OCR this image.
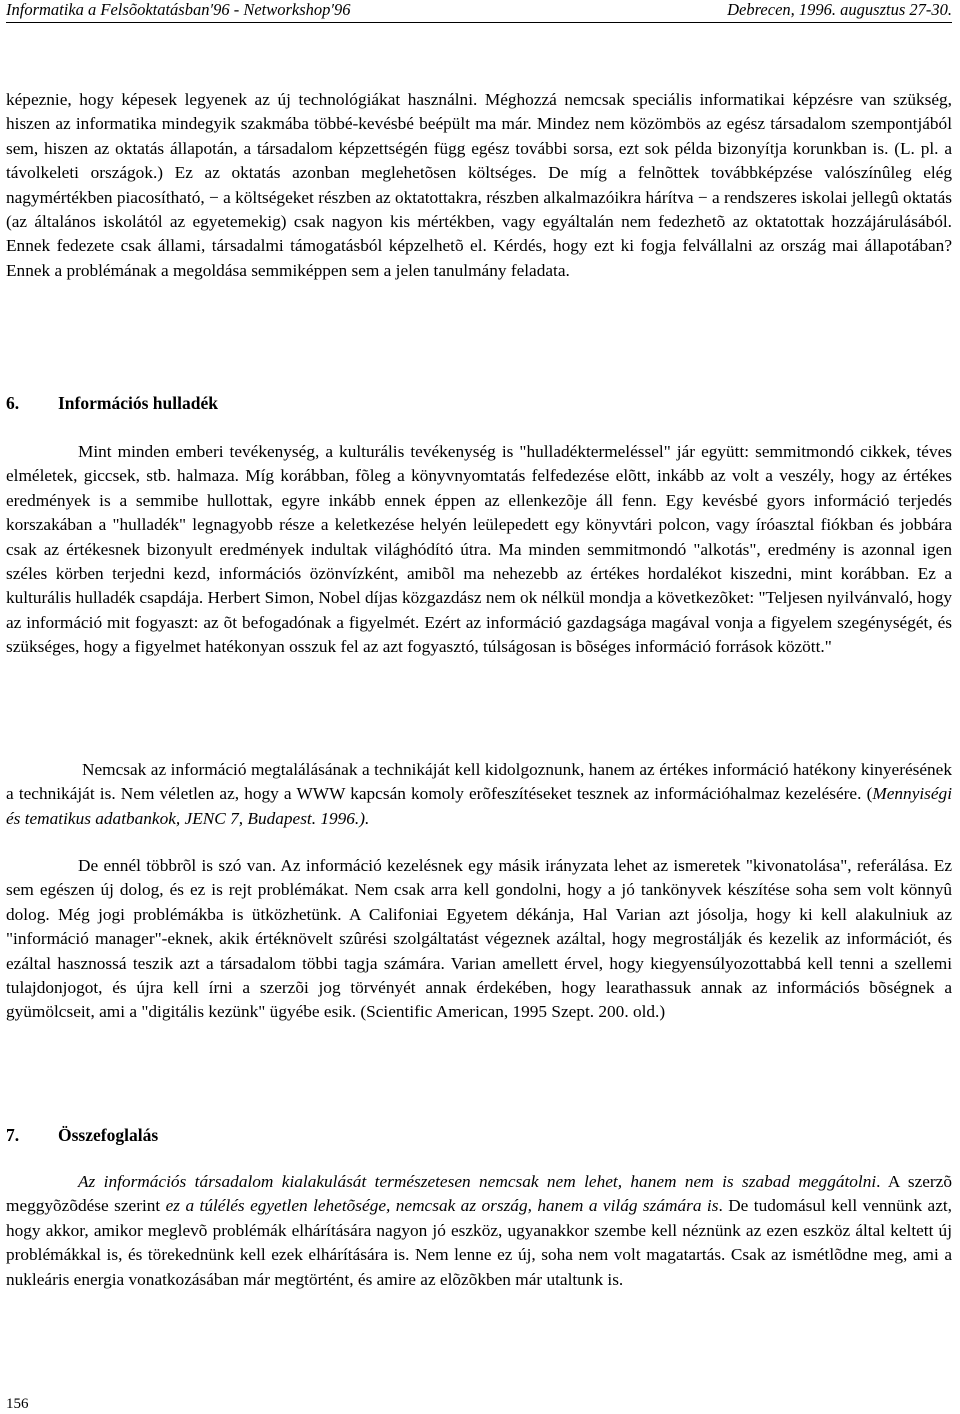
Informatika a Felsõoktatásban′96 - Networkshop′96	Debrecen, 1996. augusztus 27-30.

képeznie, hogy képesek legyenek az új technológiákat használni. Méghozzá nemcsak speciális informatikai képzésre van szükség, hiszen az informatika mindegyik szakmába többé-kevésbé beépült ma már. Mindez nem közömbös az egész társadalom szempontjából sem, hiszen az oktatás állapotán, a társadalom képzettségén függ egész további sorsa, ezt sok példa bizonyítja korunkban is. (L. pl. a távolkeleti országok.) Ez az oktatás azonban meglehetõsen költséges. De míg a felnõttek továbbképzése valószínûleg elég nagymértékben piacosítható, − a költségeket részben az oktatottakra, részben alkalmazóikra hárítva − a rendszeres iskolai jellegû oktatás (az általános iskolától az egyetemekig) csak nagyon kis mértékben, vagy egyáltalán nem fedezhetõ az oktatottak hozzájárulásából. Ennek fedezete csak állami, társadalmi támogatásból képzelhetõ el. Kérdés, hogy ezt ki fogja felvállalni az ország mai állapotában? Ennek a problémának a megoldása semmiképpen sem a jelen tanulmány feladata.

6. Információs hulladék

Mint minden emberi tevékenység, a kulturális tevékenység is "hulladéktermeléssel" jár együtt: semmitmondó cikkek, téves elméletek, giccsek, stb. halmaza. Míg korábban, fõleg a könyvnyomtatás felfedezése elõtt, inkább az volt a veszély, hogy az értékes eredmények is a semmibe hullottak, egyre inkább ennek éppen az ellenkezõje áll fenn. Egy kevésbé gyors információ terjedés korszakában a "hulladék" legnagyobb része a keletkezése helyén leülepedett egy könyvtári polcon, vagy íróasztal fiókban és jobbára csak az értékesnek bizonyult eredmények indultak világhódító útra. Ma minden semmitmondó "alkotás", eredmény is azonnal igen széles körben terjedni kezd, információs özönvízként, amibõl ma nehezebb az értékes hordalékot kiszedni, mint korábban. Ez a kulturális hulladék csapdája. Herbert Simon, Nobel díjas közgazdász nem ok nélkül mondja a következõket: "Teljesen nyilvánvaló, hogy az információ mit fogyaszt: az õt befogadónak a figyelmét. Ezért az információ gazdagsága magával vonja a figyelem szegénységét, és szükséges, hogy a figyelmet hatékonyan osszuk fel az azt fogyasztó, túlságosan is bõséges információ források között."

Nemcsak az információ megtalálásának a technikáját kell kidolgoznunk, hanem az értékes információ hatékony kinyerésének a technikáját is. Nem véletlen az, hogy a WWW kapcsán komoly erõfeszítéseket tesznek az információhalmaz kezelésére. (Mennyiségi és tematikus adatbankok, JENC 7, Budapest. 1996.).

De ennél többrõl is szó van. Az információ kezelésnek egy másik irányzata lehet az ismeretek "kivonatolása", referálása. Ez sem egészen új dolog, és ez is rejt problémákat. Nem csak arra kell gondolni, hogy a jó tankönyvek készítése soha sem volt könnyû dolog. Még jogi problémákba is ütközhetünk. A Califoniai Egyetem dékánja, Hal Varian azt jósolja, hogy ki kell alakulniuk az "információ manager"-eknek, akik értéknövelt szûrési szolgáltatást végeznek azáltal, hogy megrostálják és kezelik az információt, és ezáltal hasznossá teszik azt a társadalom többi tagja számára. Varian amellett érvel, hogy kiegyensúlyozottabbá kell tenni a szellemi tulajdonjogot, és újra kell írni a szerzõi jog törvényét annak érdekében, hogy learathassuk annak az információs bõségnek a gyümölcseit, ami a "digitális kezünk" ügyébe esik. (Scientific American, 1995 Szept. 200. old.)

7. Összefoglalás

Az információs társadalom kialakulását természetesen nemcsak nem lehet, hanem nem is szabad meggátolni. A szerzõ meggyõzõdése szerint ez a túlélés egyetlen lehetõsége, nemcsak az ország, hanem a világ számára is. De tudomásul kell vennünk azt, hogy akkor, amikor meglevõ problémák elhárítására nagyon jó eszköz, ugyanakkor szembe kell néznünk az ezen eszköz által keltett új problémákkal is, és törekednünk kell ezek elhárítására is. Nem lenne ez új, soha nem volt magatartás. Csak az ismétlõdne meg, ami a nukleáris energia vonatkozásában már megtörtént, és amire az elõzõkben már utaltunk is.

156
